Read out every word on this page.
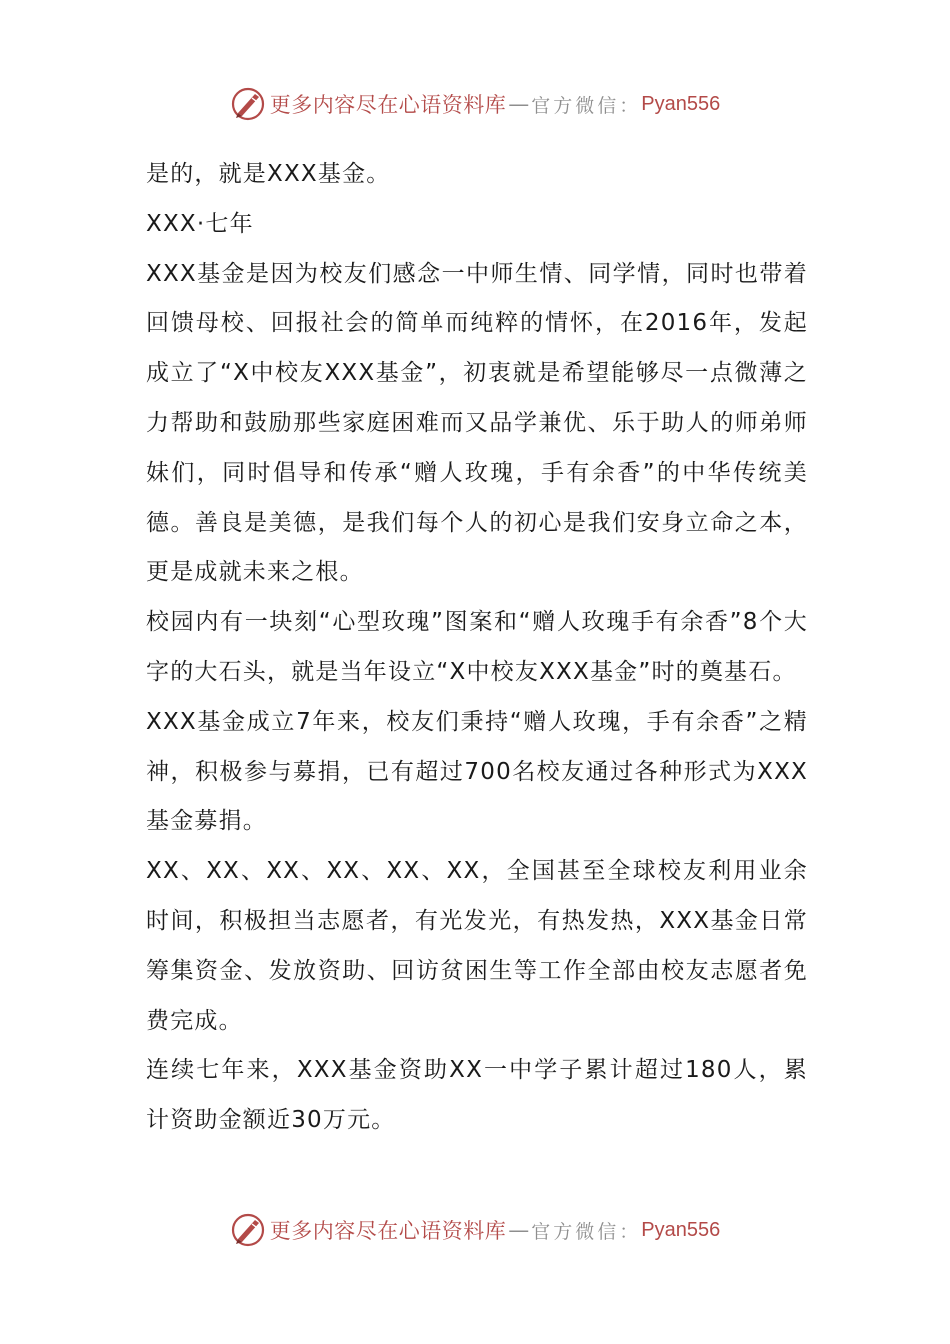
更多内容尽在心语资料库 — 官方微信： Pyan556

是的，就是XXX基金。

XXX·七年

XXX基金是因为校友们感念一中师生情、同学情，同时也带着回馈母校、回报社会的简单而纯粹的情怀，在2016年，发起成立了“X中校友XXX基金”，初衷就是希望能够尽一点微薄之力帮助和鼓励那些家庭困难而又品学兼优、乐于助人的师弟师妹们，同时倡导和传承“赠人玫瑰，手有余香”的中华传统美德。善良是美德，是我们每个人的初心是我们安身立命之本，更是成就未来之根。

校园内有一块刻“心型玫瑰”图案和“赠人玫瑰手有余香”8个大字的大石头，就是当年设立“X中校友XXX基金”时的奠基石。

XXX基金成立7年来，校友们秉持“赠人玫瑰，手有余香”之精神，积极参与募捐，已有超过700名校友通过各种形式为XXX基金募捐。

XX、XX、XX、XX、XX、XX，全国甚至全球校友利用业余时间，积极担当志愿者，有光发光，有热发热，XXX基金日常筹集资金、发放资助、回访贫困生等工作全部由校友志愿者免费完成。

连续七年来，XXX基金资助XX一中学子累计超过180人，累计资助金额近30万元。

更多内容尽在心语资料库 — 官方微信： Pyan556
